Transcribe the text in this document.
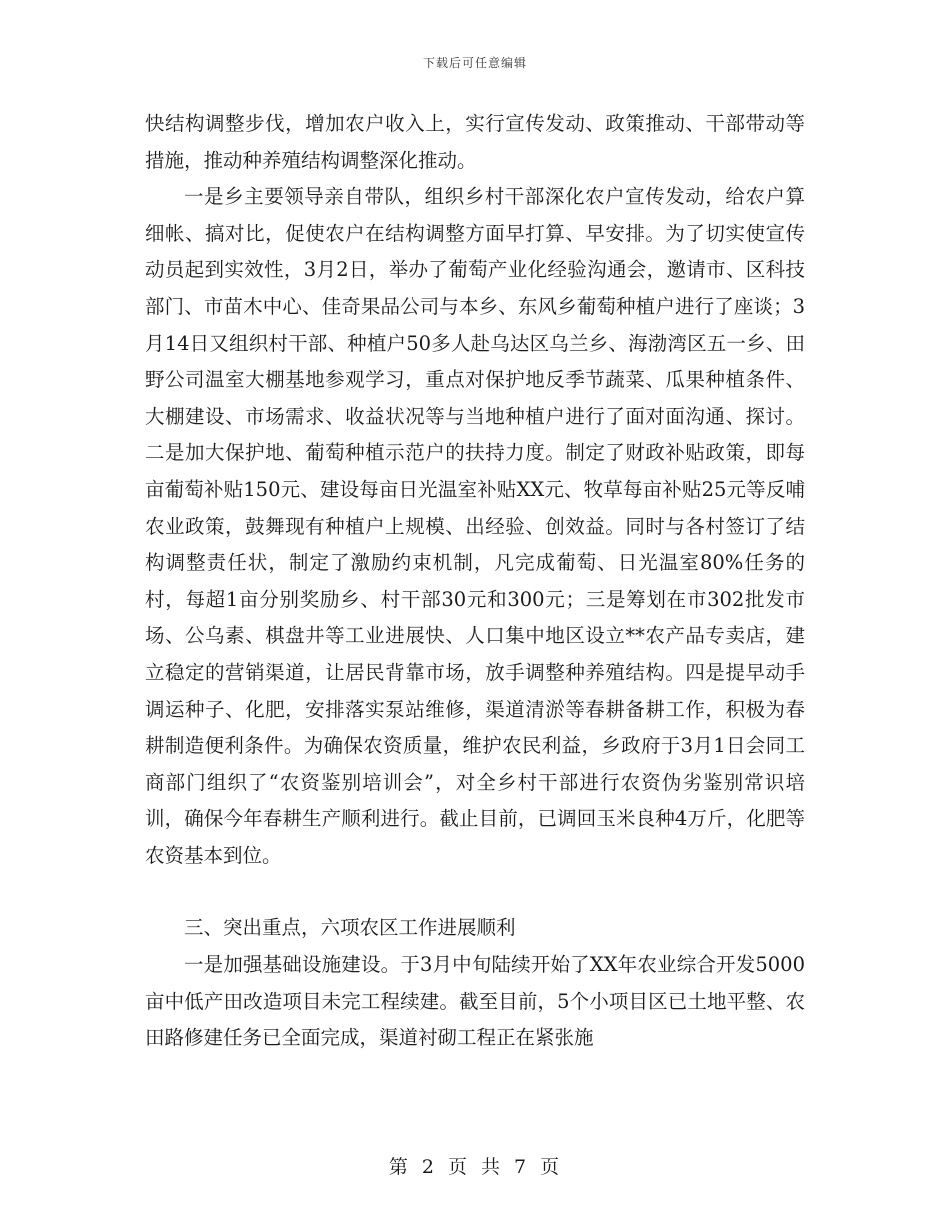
下载后可任意编辑

快结构调整步伐，增加农户收入上，实行宣传发动、政策推动、干部带动等措施，推动种养殖结构调整深化推动。

一是乡主要领导亲自带队，组织乡村干部深化农户宣传发动，给农户算细帐、搞对比，促使农户在结构调整方面早打算、早安排。为了切实使宣传动员起到实效性，3月2日，举办了葡萄产业化经验沟通会，邀请市、区科技部门、市苗木中心、佳奇果品公司与本乡、东风乡葡萄种植户进行了座谈；3月14日又组织村干部、种植户50多人赴乌达区乌兰乡、海渤湾区五一乡、田野公司温室大棚基地参观学习，重点对保护地反季节蔬菜、瓜果种植条件、大棚建设、市场需求、收益状况等与当地种植户进行了面对面沟通、探讨。二是加大保护地、葡萄种植示范户的扶持力度。制定了财政补贴政策，即每亩葡萄补贴150元、建设每亩日光温室补贴XX元、牧草每亩补贴25元等反哺农业政策，鼓舞现有种植户上规模、出经验、创效益。同时与各村签订了结构调整责任状，制定了激励约束机制，凡完成葡萄、日光温室80%任务的村，每超1亩分别奖励乡、村干部30元和300元；三是筹划在市302批发市场、公乌素、棋盘井等工业进展快、人口集中地区设立**农产品专卖店，建立稳定的营销渠道，让居民背靠市场，放手调整种养殖结构。四是提早动手调运种子、化肥，安排落实泵站维修，渠道清淤等春耕备耕工作，积极为春耕制造便利条件。为确保农资质量，维护农民利益，乡政府于3月1日会同工商部门组织了“农资鉴别培训会”，对全乡村干部进行农资伪劣鉴别常识培训，确保今年春耕生产顺利进行。截止目前，已调回玉米良种4万斤，化肥等农资基本到位。

三、突出重点，六项农区工作进展顺利

一是加强基础设施建设。于3月中旬陆续开始了XX年农业综合开发5000亩中低产田改造项目未完工程续建。截至目前，5个小项目区已土地平整、农田路修建任务已全面完成，渠道衬砌工程正在紧张施

第 2 页 共 7 页
